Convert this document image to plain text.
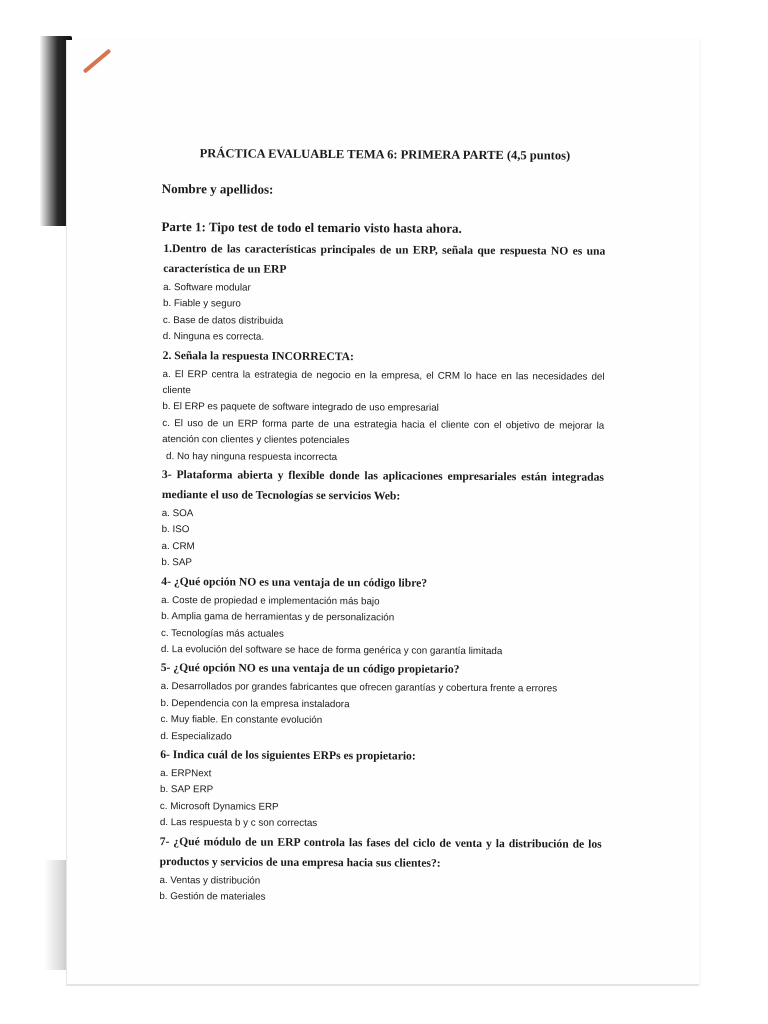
PRÁCTICA EVALUABLE TEMA 6: PRIMERA PARTE (4,5 puntos)
Nombre y apellidos:
Parte 1: Tipo test de todo el temario visto hasta ahora.
1.Dentro de las características principales de un ERP, señala que respuesta NO es una característica de un ERP
a. Software modular
b. Fiable y seguro
c. Base de datos distribuida
d. Ninguna es correcta.
2. Señala la respuesta INCORRECTA:
a. El ERP centra la estrategia de negocio en la empresa, el CRM lo hace en las necesidades del cliente
b. El ERP es paquete de software integrado de uso empresarial
c. El uso de un ERP forma parte de una estrategia hacia el cliente con el objetivo de mejorar la atención con clientes y clientes potenciales
d. No hay ninguna respuesta incorrecta
3- Plataforma abierta y flexible donde las aplicaciones empresariales están integradas mediante el uso de Tecnologías se servicios Web:
a. SOA
b. ISO
a. CRM
b. SAP
4- ¿Qué opción NO es una ventaja de un código libre?
a. Coste de propiedad e implementación más bajo
b. Amplia gama de herramientas y de personalización
c. Tecnologías más actuales
d. La evolución del software se hace de forma genérica y con garantía limitada
5- ¿Qué opción NO es una ventaja de un código propietario?
a. Desarrollados por grandes fabricantes que ofrecen garantías y cobertura frente a errores
b. Dependencia con la empresa instaladora
c. Muy fiable. En constante evolución
d. Especializado
6- Indica cuál de los siguientes ERPs es propietario:
a. ERPNext
b. SAP ERP
c. Microsoft Dynamics ERP
d. Las respuesta b y c son correctas
7- ¿Qué módulo de un ERP controla las fases del ciclo de venta y la distribución de los productos y servicios de una empresa hacia sus clientes?:
a. Ventas y distribución
b. Gestión de materiales
